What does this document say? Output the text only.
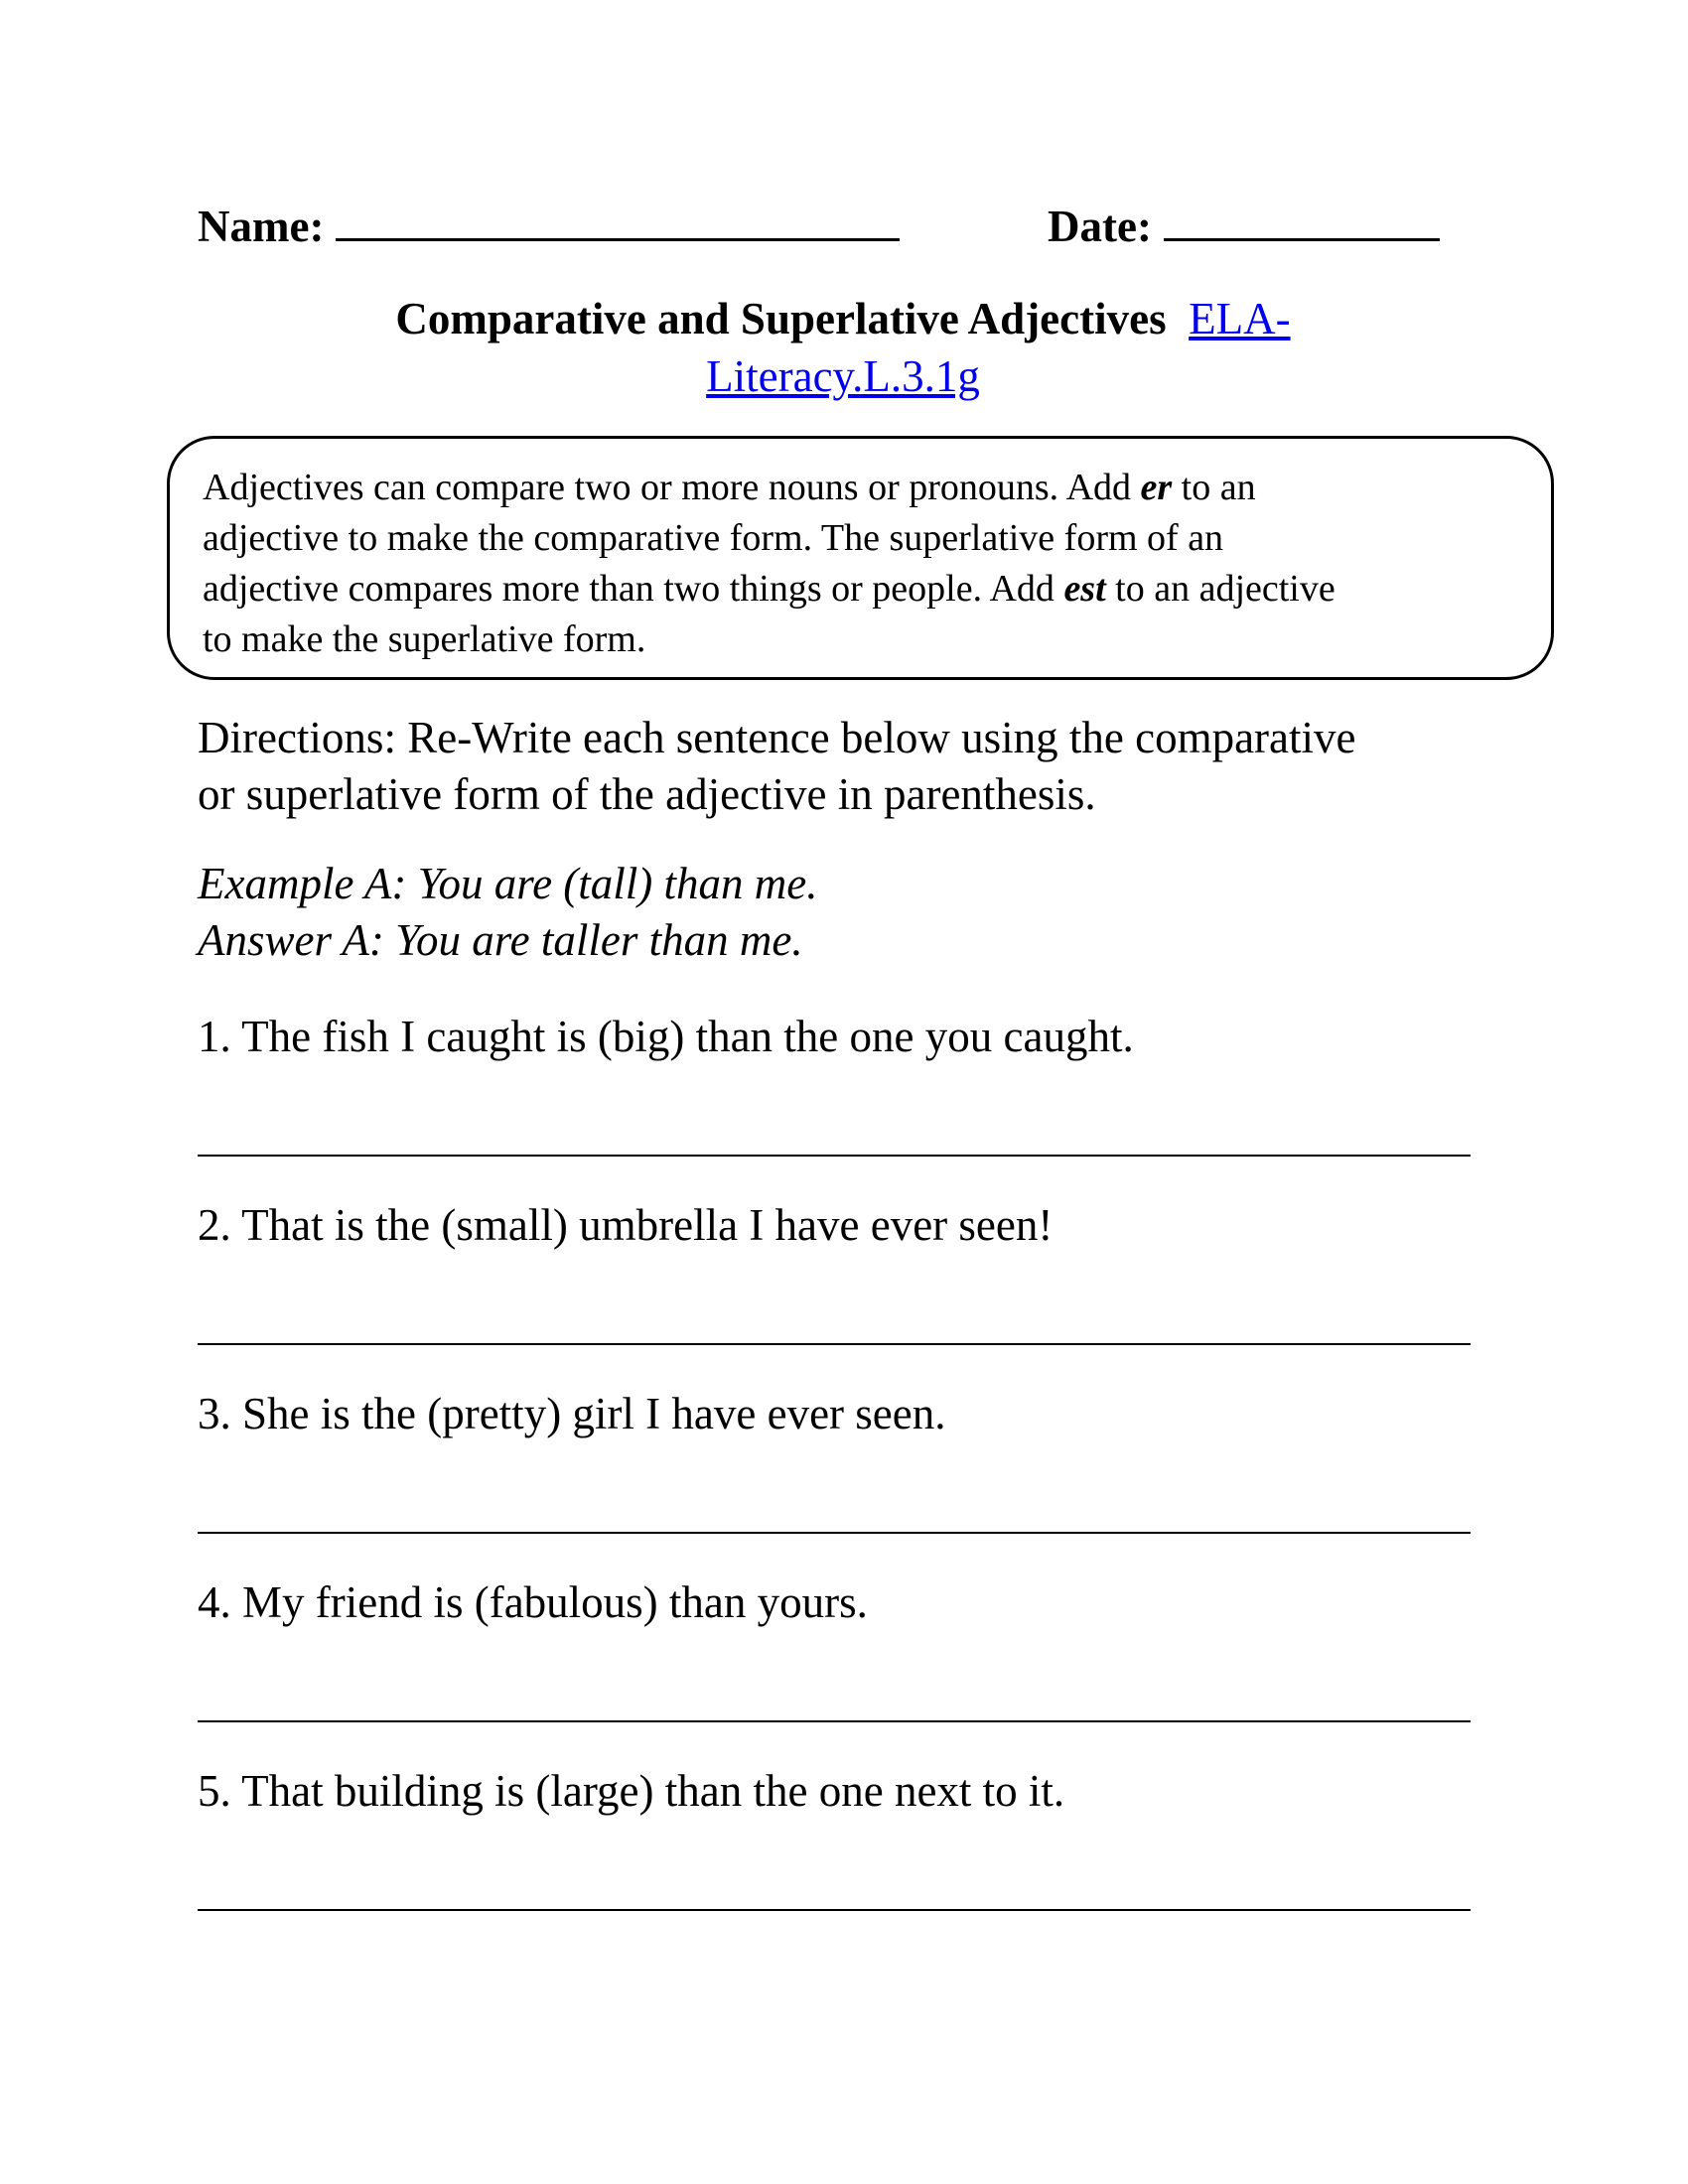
Name:	Date:
Comparative and Superlative Adjectives ELA-
Literacy.L.3.1g
Adjectives can compare two or more nouns or pronouns. Add er to an
adjective to make the comparative form. The superlative form of an
adjective compares more than two things or people. Add est to an adjective
to make the superlative form.
Directions: Re-Write each sentence below using the comparative
or superlative form of the adjective in parenthesis.
Example A: You are (tall) than me.
Answer A: You are taller than me.
1. The fish I caught is (big) than the one you caught.
2. That is the (small) umbrella I have ever seen!
3. She is the (pretty) girl I have ever seen.
4. My friend is (fabulous) than yours.
5. That building is (large) than the one next to it.
